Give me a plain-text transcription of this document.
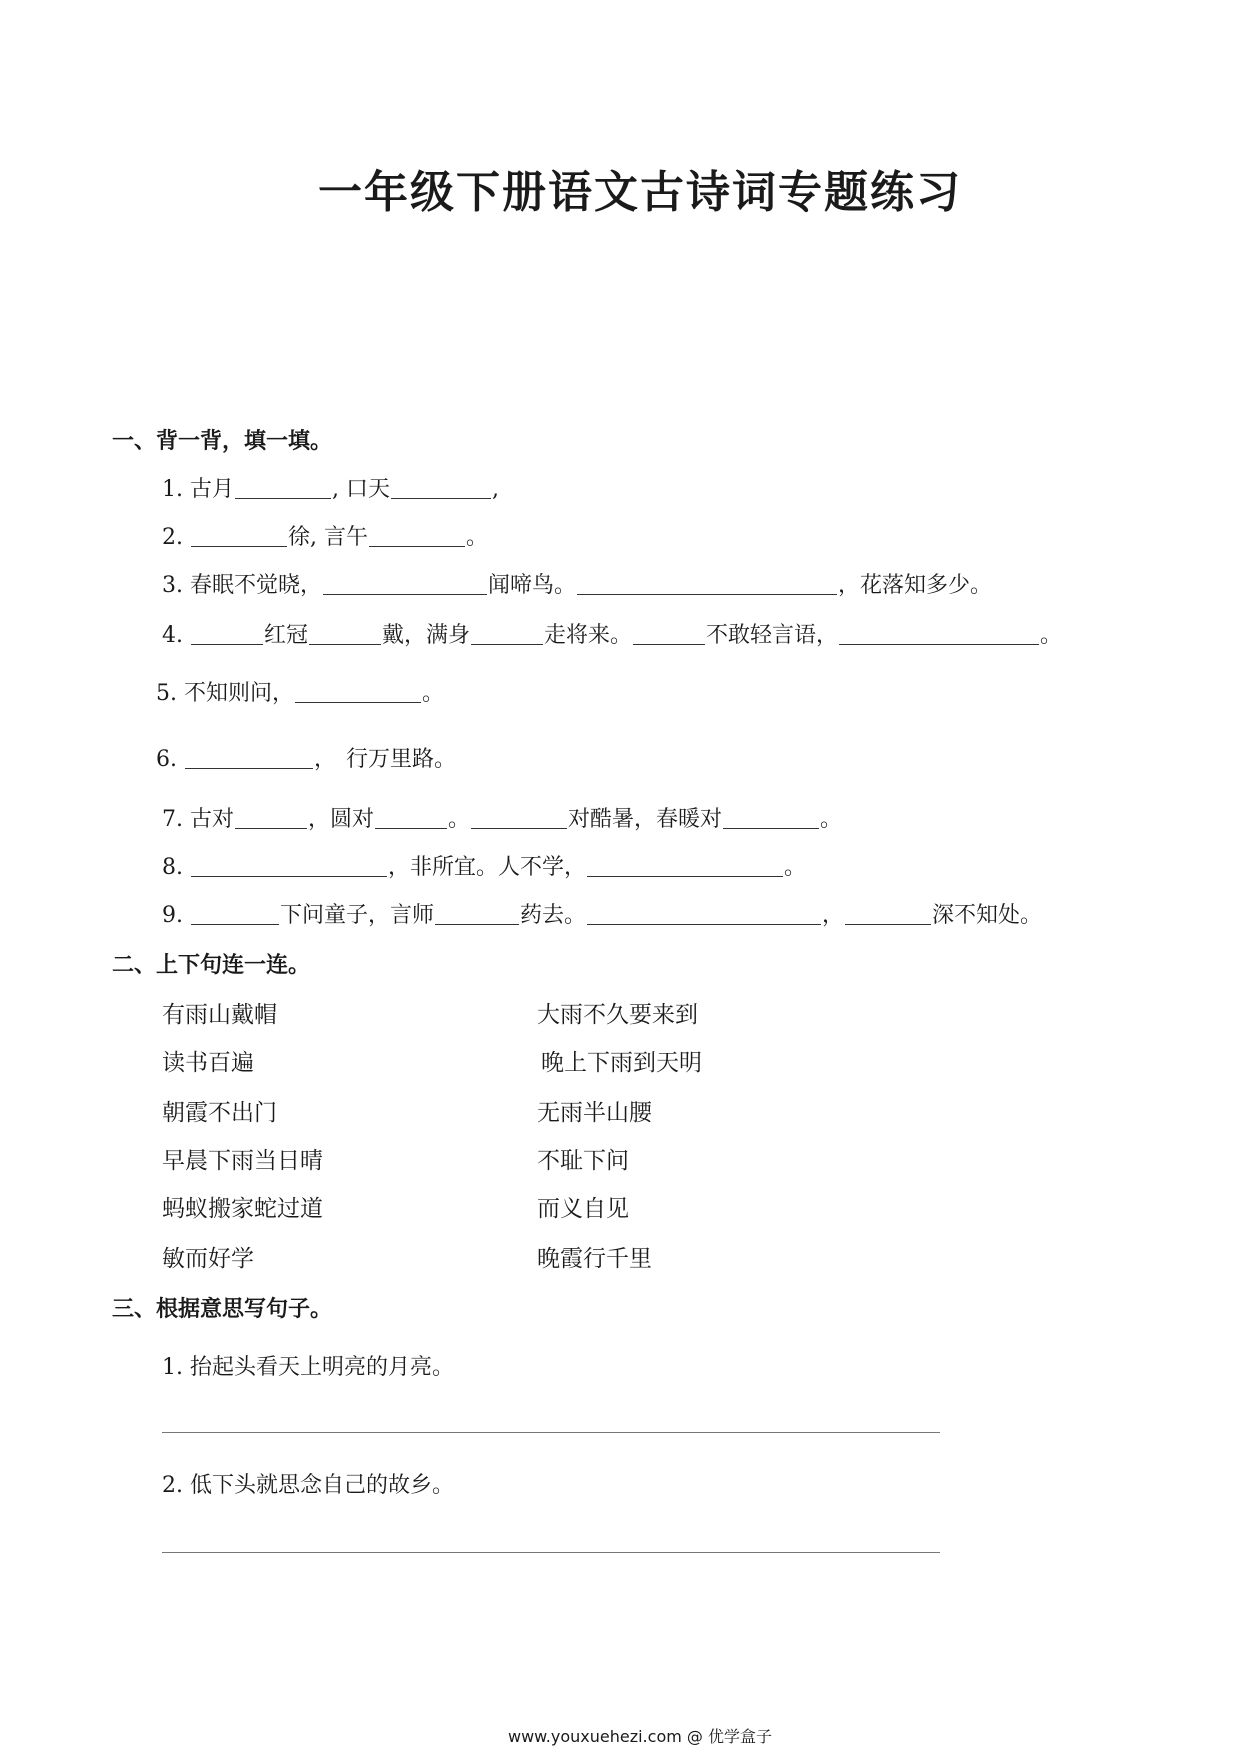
一年级下册语文古诗词专题练习
一、背一背，填一填。
1. 古月	, 口天	,
2.	徐, 言午	。
3. 春眠不觉晓，	闻啼鸟。	，花落知多少。
4.	红冠	戴，满身	走将来。	不敢轻言语，	。
5. 不知则问，	。
6.	， 行万里路。
7. 古对	，圆对	。	对酷暑，春暖对	。
8.	，非所宜。人不学，	。
9.	下问童子，言师	药去。	，	深不知处。
二、上下句连一连。
有雨山戴帽	大雨不久要来到
读书百遍	晚上下雨到天明
朝霞不出门	无雨半山腰
早晨下雨当日晴	不耻下问
蚂蚁搬家蛇过道	而义自见
敏而好学	晚霞行千里
三、根据意思写句子。
1. 抬起头看天上明亮的月亮。
2. 低下头就思念自己的故乡。
www.youxuehezi.com @ 优学盒子
